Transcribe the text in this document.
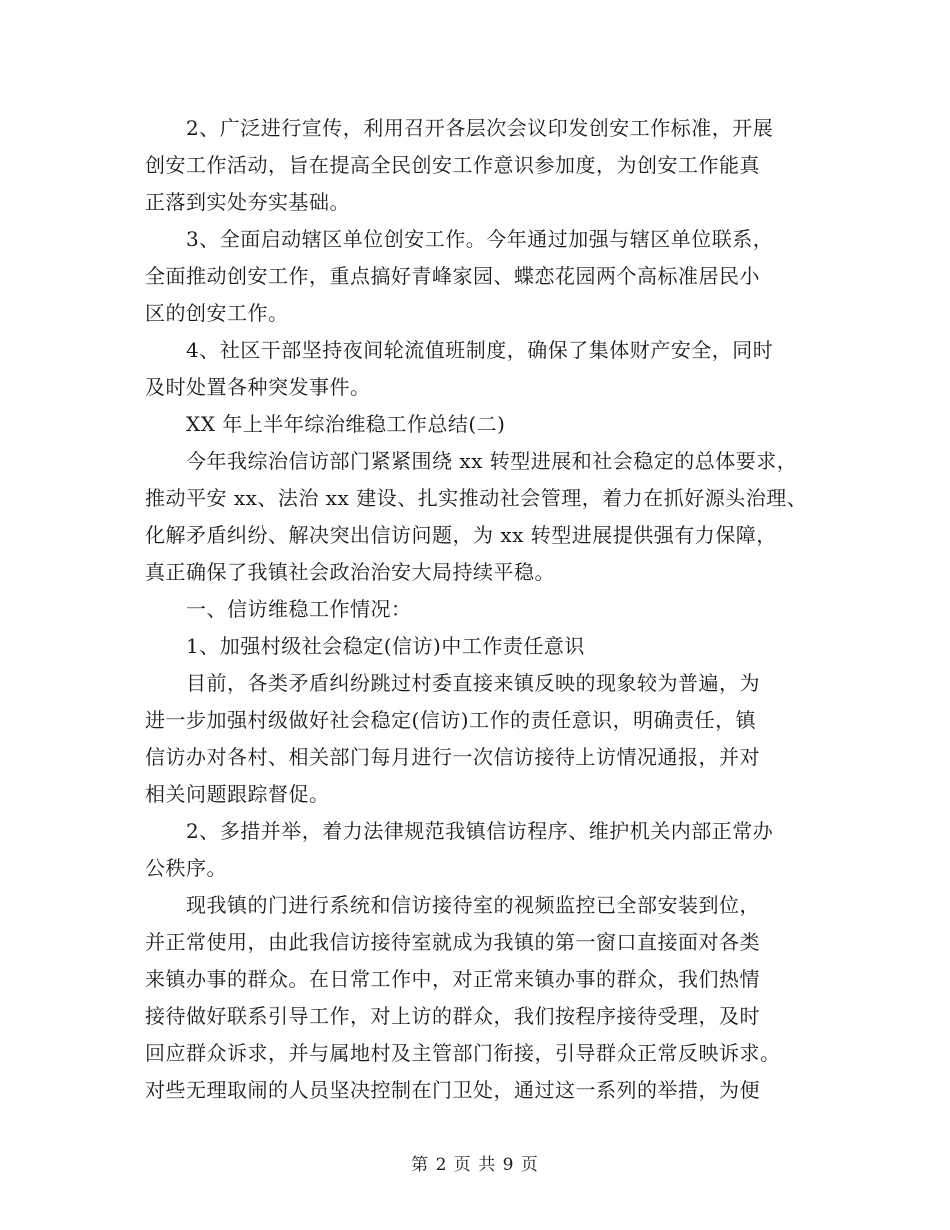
2、广泛进行宣传，利用召开各层次会议印发创安工作标准，开展
创安工作活动，旨在提高全民创安工作意识参加度，为创安工作能真
正落到实处夯实基础。
3、全面启动辖区单位创安工作。今年通过加强与辖区单位联系，
全面推动创安工作，重点搞好青峰家园、蝶恋花园两个高标准居民小
区的创安工作。
4、社区干部坚持夜间轮流值班制度，确保了集体财产安全，同时
及时处置各种突发事件。
XX 年上半年综治维稳工作总结(二)
今年我综治信访部门紧紧围绕 xx 转型进展和社会稳定的总体要求，
推动平安 xx、法治 xx 建设、扎实推动社会管理，着力在抓好源头治理、
化解矛盾纠纷、解决突出信访问题，为 xx 转型进展提供强有力保障，
真正确保了我镇社会政治治安大局持续平稳。
一、信访维稳工作情况：
1、加强村级社会稳定(信访)中工作责任意识
目前，各类矛盾纠纷跳过村委直接来镇反映的现象较为普遍，为
进一步加强村级做好社会稳定(信访)工作的责任意识，明确责任，镇
信访办对各村、相关部门每月进行一次信访接待上访情况通报，并对
相关问题跟踪督促。
2、多措并举，着力法律规范我镇信访程序、维护机关内部正常办
公秩序。
现我镇的门进行系统和信访接待室的视频监控已全部安装到位，
并正常使用，由此我信访接待室就成为我镇的第一窗口直接面对各类
来镇办事的群众。在日常工作中，对正常来镇办事的群众，我们热情
接待做好联系引导工作，对上访的群众，我们按程序接待受理，及时
回应群众诉求，并与属地村及主管部门衔接，引导群众正常反映诉求。
对些无理取闹的人员坚决控制在门卫处，通过这一系列的举措，为便
第 2 页 共 9 页
